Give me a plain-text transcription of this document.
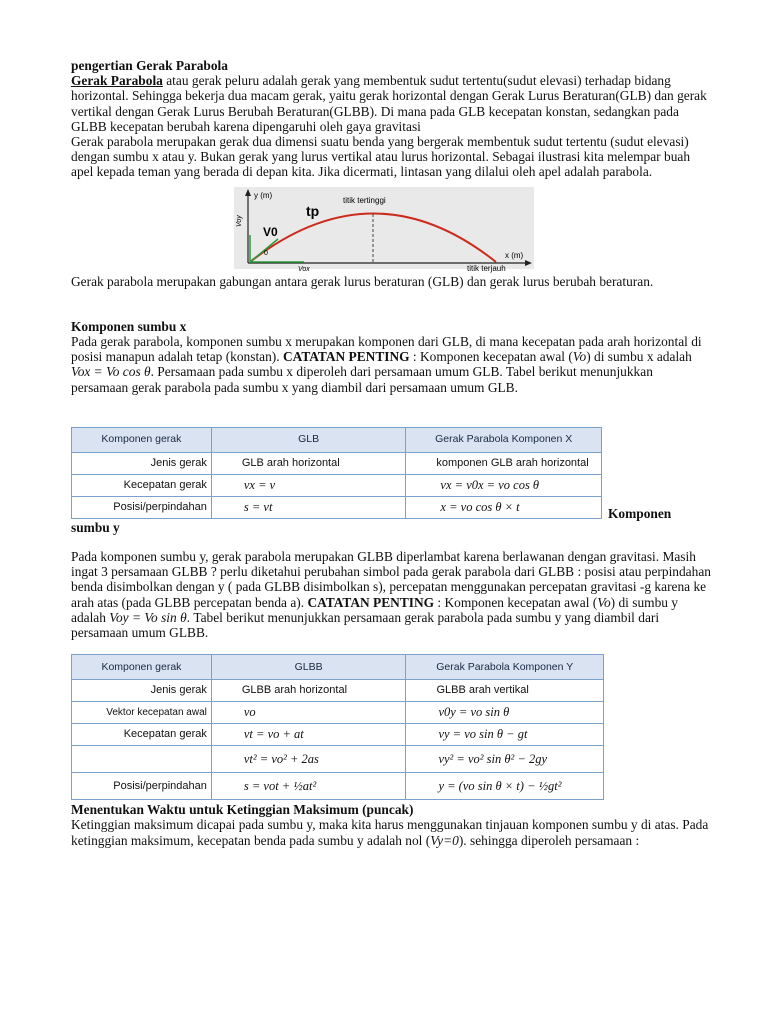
pengertian Gerak Parabola

Gerak Parabola atau gerak peluru adalah gerak yang membentuk sudut tertentu(sudut elevasi) terhadap bidang horizontal. Sehingga bekerja dua macam gerak, yaitu gerak horizontal dengan Gerak Lurus Beraturan(GLB) dan gerak vertikal dengan Gerak Lurus Berubah Beraturan(GLBB). Di mana pada GLB kecepatan konstan, sedangkan pada GLBB kecepatan berubah karena dipengaruhi oleh gaya gravitasi

Gerak parabola merupakan gerak dua dimensi suatu benda yang bergerak membentuk sudut tertentu (sudut elevasi) dengan sumbu x atau y. Bukan gerak yang lurus vertikal atau lurus horizontal. Sebagai ilustrasi kita melempar buah apel kepada teman yang berada di depan kita. Jika dicermati, lintasan yang dilalui oleh apel adalah parabola.

y (m)
x (m)
titik tertinggi
titik terjauh
tp
V0
Voy
Vox
0

Gerak parabola merupakan gabungan antara gerak lurus beraturan (GLB) dan gerak lurus berubah beraturan.

Komponen sumbu x

Pada gerak parabola, komponen sumbu x merupakan komponen dari GLB, di mana kecepatan pada arah horizontal di posisi manapun adalah tetap (konstan). CATATAN PENTING : Komponen kecepatan awal (Vo) di sumbu x adalah Vox = Vo cos θ. Persamaan pada sumbu x diperoleh dari persamaan umum GLB. Tabel berikut menunjukkan persamaan gerak parabola pada sumbu x yang diambil dari persamaan umum GLB.

Komponen gerak	GLB	Gerak Parabola Komponen X
Jenis gerak	GLB arah horizontal	komponen GLB arah horizontal
Kecepatan gerak	vx = v	vx = v0x = vo cos θ
Posisi/perpindahan	s = vt	x = vo cos θ × t	Komponen

sumbu y

Pada komponen sumbu y, gerak parabola merupakan GLBB diperlambat karena berlawanan dengan gravitasi. Masih ingat 3 persamaan GLBB ? perlu diketahui perubahan simbol pada gerak parabola dari GLBB : posisi atau perpindahan benda disimbolkan dengan y ( pada GLBB disimbolkan s), percepatan menggunakan percepatan gravitasi -g karena ke arah atas (pada GLBB percepatan benda a). CATATAN PENTING : Komponen kecepatan awal (Vo) di sumbu y adalah Voy = Vo sin θ. Tabel berikut menunjukkan persamaan gerak parabola pada sumbu y yang diambil dari persamaan umum GLBB.

Komponen gerak	GLBB	Gerak Parabola Komponen Y
Jenis gerak	GLBB arah horizontal	GLBB arah vertikal
Vektor kecepatan awal	vo	v0y = vo sin θ
Kecepatan gerak	vt = vo + at	vy = vo sin θ − gt
	vt² = vo² + 2as	vy² = vo² sin θ² − 2gy
Posisi/perpindahan	s = vot + ½at²	y = (vo sin θ × t) − ½gt²

Menentukan Waktu untuk Ketinggian Maksimum (puncak)

Ketinggian maksimum dicapai pada sumbu y, maka kita harus menggunakan tinjauan komponen sumbu y di atas. Pada ketinggian maksimum, kecepatan benda pada sumbu y adalah nol (Vy=0). sehingga diperoleh persamaan :
